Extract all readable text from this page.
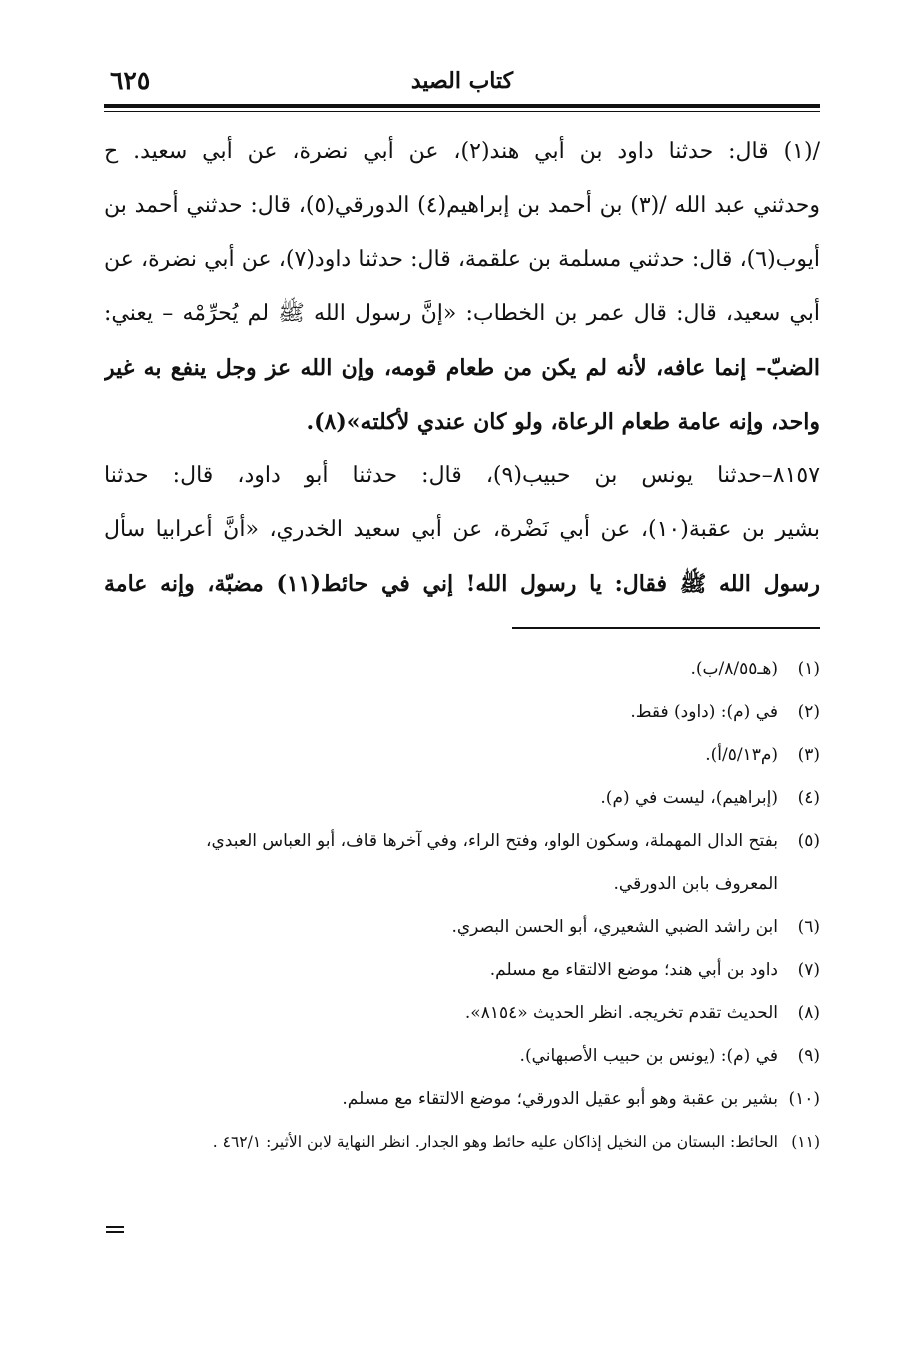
كتاب الصيد
٦٢٥
/(١) قال: حدثنا داود بن أبي هند(٢)، عن أبي نضرة، عن أبي سعيد. ح
وحدثني عبد الله /(٣) بن أحمد بن إبراهيم(٤) الدورقي(٥)، قال: حدثني أحمد بن
أيوب(٦)، قال: حدثني مسلمة بن علقمة، قال: حدثنا داود(٧)، عن أبي نضرة، عن
أبي سعيد، قال: قال عمر بن الخطاب: «إنَّ رسول الله ﷺ لم يُحرِّمْه – يعني:
الضبّ– إنما عافه، لأنه لم يكن من طعام قومه، وإن الله عز وجل ينفع به غير
واحد، وإنه عامة طعام الرعاة، ولو كان عندي لأكلته»(٨).
٨١٥٧–حدثنا يونس بن حبيب(٩)، قال: حدثنا أبو داود، قال: حدثنا
بشير بن عقبة(١٠)، عن أبي نَضْرة، عن أبي سعيد الخدري، «أنَّ أعرابيا سأل
رسول الله ﷺ فقال: يا رسول الله! إني في حائط(١١) مضبّة، وإنه عامة
(١)(هـ٨/٥٥/ب).
(٢)في (م): (داود) فقط.
(٣)(م٥/١٣/أ).
(٤)(إبراهيم)، ليست في (م).
(٥)بفتح الدال المهملة، وسكون الواو، وفتح الراء، وفي آخرها قاف، أبو العباس العبدي،
المعروف بابن الدورقي.
(٦)ابن راشد الضبي الشعيري، أبو الحسن البصري.
(٧)داود بن أبي هند؛ موضع الالتقاء مع مسلم.
(٨)الحديث تقدم تخريجه. انظر الحديث «٨١٥٤».
(٩)في (م): (يونس بن حبيب الأصبهاني).
(١٠)بشير بن عقبة وهو أبو عقيل الدورقي؛ موضع الالتقاء مع مسلم.
(١١)الحائط: البستان من النخيل إذاكان عليه حائط وهو الجدار. انظر النهاية لابن الأثير: ٤٦٢/١ .
